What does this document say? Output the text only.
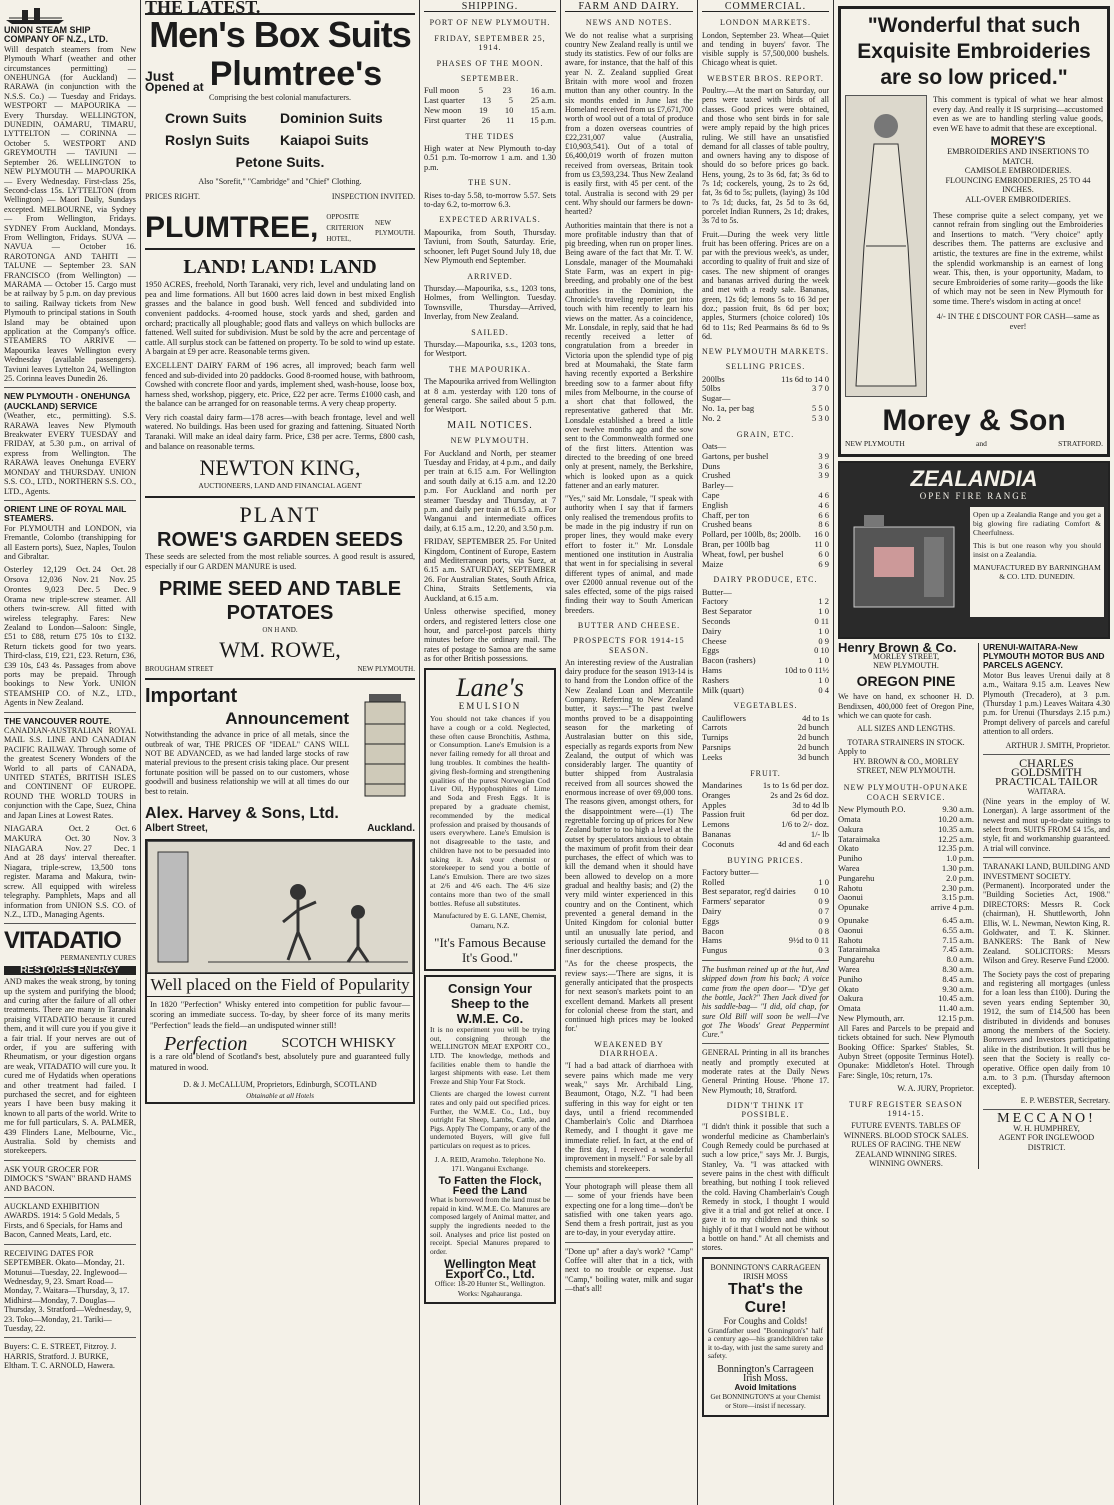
UNION STEAM SHIP COMPANY OF N.Z., LTD.

Will despatch steamers from New Plymouth Wharf (weather and other circumstances permitting) — ONEHUNGA (for Auckland) — RARAWA (in conjunction with the N.S.S. Co.) — Tuesday and Fridays. WESTPORT — MAPOURIKA — Every Thursday. WELLINGTON, DUNEDIN, OAMARU, TIMARU, LYTTELTON — CORINNA — October 5. WESTPORT AND GREYMOUTH — TAVIUNI — September 26. WELLINGTON to NEW PLYMOUTH — MAPOURIKA — Every Wednesday. First-class 25s, Second-class 15s. LYTTELTON (from Wellington) — Maori Daily, Sundays excepted. MELBOURNE, via Sydney — From Wellington, Fridays. SYDNEY From Auckland, Mondays. From Wellington, Fridays. SUVA — NAVUA — October 16. RAROTONGA AND TAHITI — TALUNE — September 23. SAN FRANCISCO (from Wellington) — MARAMA — October 15. Cargo must be at railway by 5 p.m. on day previous to sailing. Railway tickets from New Plymouth to principal stations in South Island may be obtained upon application at the Company's office. STEAMERS TO ARRIVE — Mapourika leaves Wellington every Wednesday (available passengers). Taviuni leaves Lyttelton 24, Wellington 25. Corinna leaves Dunedin 26.

NEW PLYMOUTH - ONEHUNGA (AUCKLAND) SERVICE

(Weather, etc., permitting). S.S. RARAWA leaves New Plymouth Breakwater EVERY TUESDAY and FRIDAY, at 5.30 p.m., on arrival of express from Wellington. The RARAWA leaves Onehunga EVERY MONDAY and THURSDAY. UNION S.S. CO., LTD., NORTHERN S.S. CO., LTD., Agents.

ORIENT LINE OF ROYAL MAIL STEAMERS.

For PLYMOUTH and LONDON, via Fremantle, Colombo (transhipping for all Eastern ports), Suez, Naples, Toulon and Gibraltar.

Osterley 12,129 Oct. 24 Oct. 28
Orsova 12,036 Nov. 21 Nov. 25
Orontes 9,023 Dec. 5 Dec. 9

Orama new triple-screw steamer. All others twin-screw. All fitted with wireless telegraphy. Fares: New Zealand to London—Saloon: Single, £51 to £88, return £75 10s to £132. Return tickets good for two years. Third-class, £19, £21, £23. Return, £36, £39 10s, £43 4s. Passages from above ports may be prepaid. Through bookings to New York. UNION STEAMSHIP CO. of N.Z., LTD., Agents in New Zealand.

THE VANCOUVER ROUTE.

CANADIAN-AUSTRALIAN ROYAL MAIL S.S. LINE AND CANADIAN PACIFIC RAILWAY. Through some of the greatest Scenery Wonders of the World to all parts of CANADA, UNITED STATES, BRITISH ISLES and CONTINENT OF EUROPE. ROUND THE WORLD TOURS in conjunction with the Cape, Suez, China and Japan Lines at Lowest Rates.

NIAGARA	Oct. 2	Oct. 6
MAKURA	Oct. 30	Nov. 3
NIAGARA	Nov. 27	Dec. 1

And at 28 days' interval thereafter. Niagara, triple-screw, 13,500 tons register. Marama and Makura, twin-screw. All equipped with wireless telegraphy. Pamphlets, Maps and all information from UNION S.S. CO. of N.Z., LTD., Managing Agents.

VITADATIO
PERMANENTLY CURES
RESTORES ENERGY

AND makes the weak strong, by toning up the system and purifying the blood; and curing after the failure of all other treatments. There are many in Taranaki praising VITADATIO because it cured them, and it will cure you if you give it a fair trial. If your nerves are out of order, if you are suffering with Rheumatism, or your digestion organs are weak, VITADATIO will cure you. It cured me of Hydatids when operations and other treatment had failed. I purchased the secret, and for eighteen years I have been busy making it known to all parts of the world. Write to me for full particulars, S. A. PALMER, 439 Flinders Lane, Melbourne, Vic., Australia. Sold by chemists and storekeepers.

ASK YOUR GROCER FOR DIMOCK'S "SWAN" BRAND HAMS AND BACON.
AUCKLAND EXHIBITION AWARDS. 1914: 5 Gold Medals, 5 Firsts, and 6 Specials, for Hams and Bacon, Canned Meats, Lard, etc.
RECEIVING DATES FOR SEPTEMBER. Okato—Monday, 21. Motunui—Tuesday, 22. Inglewood—Wednesday, 9, 23. Smart Road—Monday, 7. Waitara—Thursday, 3, 17. Midhirst—Monday, 7. Douglas—Thursday, 3. Stratford—Wednesday, 9, 23. Toko—Monday, 21. Tariki—Tuesday, 22.
Buyers: C. E. STREET, Fitzroy. J. HARRIS, Stratford. J. BURKE, Eltham. T. C. ARNOLD, Hawera.
THE LATEST.
Men's Box Suits
Just
Opened at Plumtree's
Comprising the best colonial manufacturers.
Crown Suits	Dominion Suits
Roslyn Suits	Kaiapoi Suits
Petone Suits.
Also "Sorefit," "Cambridge" and "Chief" Clothing.
PRICES RIGHT.	INSPECTION INVITED.
PLUMTREE, OPPOSITE CRITERION HOTEL,
NEW PLYMOUTH.
LAND! LAND! LAND

1950 ACRES, freehold, North Taranaki, very rich, level and undulating land on pea and lime formations. All but 1600 acres laid down in best mixed English grasses and the balance in good bush. Well fenced and subdivided into convenient paddocks. 4-roomed house, stock yards and shed, garden and orchard; practically all ploughable; good flats and valleys on which bullocks are fattened. Well suited for subdivision. Must be sold by the acre and percentage of cattle. All surplus stock can be fattened on property. To be sold to wind up estate. A bargain at £9 per acre. Reasonable terms given.

EXCELLENT DAIRY FARM of 196 acres, all improved; beach farm well fenced and sub-divided into 20 paddocks. Good 8-roomed house, with bathroom, Cowshed with concrete floor and yards, implement shed, wash-house, loose box, harness shed, workshop, piggery, etc. Price, £22 per acre. Terms £1000 cash, and the balance can be arranged for on reasonable terms. A very cheap property.

Very rich coastal dairy farm—178 acres—with beach frontage, level and well watered. No buildings. Has been used for grazing and fattening. Situated North Taranaki. Will make an ideal dairy farm. Price, £38 per acre. Terms, £800 cash, and balance on reasonable terms.

NEWTON KING,
AUCTIONEERS, LAND AND FINANCIAL AGENT
PLANT
ROWE'S GARDEN SEEDS

These seeds are selected from the most reliable sources. A good result is assured, especially if our G ARDEN MANURE is used.

PRIME SEED AND TABLE POTATOES
ON H AND.
WM. ROWE,
BROUGHAM STREET	NEW PLYMOUTH.
Important
Announcement

Notwithstanding the advance in price of all metals, since the outbreak of war, THE PRICES OF "IDEAL" CANS WILL NOT BE ADVANCED, as we had landed large stocks of raw material previous to the present crisis taking place. Our present fortunate position will be passed on to our customers, whose goodwill and business relationship we will at all times do our best to retain.

Alex. Harvey & Sons, Ltd.
Albert Street,	Auckland.
Well placed on the Field of Popularity

In 1820 "Perfection" Whisky entered into competition for public favour—scoring an immediate success. To-day, by sheer force of its many merits "Perfection" leads the field—an undisputed winner still!

Perfection SCOTCH WHISKY

is a rare old blend of Scotland's best, absolutely pure and guaranteed fully matured in wood.

D. & J. McCALLUM, Proprietors, Edinburgh, SCOTLAND
Obtainable at all Hotels
SHIPPING.
PORT OF NEW PLYMOUTH.
FRIDAY, SEPTEMBER 25, 1914.
PHASES OF THE MOON.
SEPTEMBER.
Full moon 5 23 16 a.m.
Last quarter 13 5 25 a.m.
New moon 19 10 15 a.m.
First quarter 26 11 15 p.m.
THE TIDES

High water at New Plymouth to-day 0.51 p.m. To-morrow 1 a.m. and 1.30 p.m.

THE SUN.

Rises to-day 5.58, to-morrow 5.57. Sets to-day 6.2, to-morrow 6.3.

EXPECTED ARRIVALS.

Mapourika, from South, Thursday. Taviuni, from South, Saturday. Erie, schooner, left Puget Sound July 18, due New Plymouth end September.

ARRIVED.

Thursday.—Mapourika, s.s., 1203 tons, Holmes, from Wellington. Tuesday. Townsville, Thursday—Arrived, Inverlay, from New Zealand.

SAILED.

Thursday.—Mapourika, s.s., 1203 tons, for Westport.

THE MAPOURIKA.

The Mapourika arrived from Wellington at 8 a.m. yesterday with 120 tons of general cargo. She sailed about 5 p.m. for Westport.

MAIL NOTICES.
NEW PLYMOUTH.

For Auckland and North, per steamer Tuesday and Friday, at 4 p.m., and daily per train at 6.15 a.m. For Wellington and south daily at 6.15 a.m. and 12.20 p.m. For Auckland and north per steamer Tuesday and Thursday, at 7 p.m. and daily per train at 6.15 a.m. For Wanganui and intermediate offices daily, at 6.15 a.m., 12.20, and 3.50 p.m.

FRIDAY, SEPTEMBER 25. For United Kingdom, Continent of Europe, Eastern and Mediterranean ports, via Suez, at 6.15 a.m. SATURDAY, SEPTEMBER 26. For Australian States, South Africa, China, Straits Settlements, via Auckland, at 6.15 a.m.

Unless otherwise specified, money orders, and registered letters close one hour, and parcel-post parcels thirty minutes before the ordinary mail. The rates of postage to Samoa are the same as for other British possessions.

Lane's
EMULSION

You should not take chances if you have a cough or a cold. Neglected, these often cause Bronchitis, Asthma, or Consumption. Lane's Emulsion is a never failing remedy for all throat and lung troubles. It combines the health-giving flesh-forming and strengthening qualities of the purest Norwegian Cod Liver Oil, Hypophosphites of Lime and Soda and Fresh Eggs. It is prepared by a graduate chemist, recommended by the medical profession and praised by thousands of users everywhere. Lane's Emulsion is not disagreeable to the taste, and children have not to be persuaded into taking it. Ask your chemist or storekeeper to send you a bottle of Lane's Emulsion. There are two sizes at 2/6 and 4/6 each. The 4/6 size contains more than two of the small bottles. Refuse all substitutes.

Manufactured by E. G. LANE, Chemist, Oamaru, N.Z.
"It's Famous Because It's Good."
Consign Your Sheep to the W.M.E. Co.

It is no experiment you will be trying out, consigning through the WELLINGTON MEAT EXPORT CO., LTD. The knowledge, methods and facilities enable them to handle the largest shipments with ease. Let them Freeze and Ship Your Fat Stock.

Clients are charged the lowest current rates and only paid out specified prices. Further, the W.M.E. Co., Ltd., buy outright Fat Sheep, Lambs, Cattle, and Pigs. Apply The Company, or any of the undernoted Buyers, will give full particulars on request as to prices.

J. A. REID, Aramoho. Telephone No. 171. Wanganui Exchange.
To Fatten the Flock, Feed the Land

What is borrowed from the land must be repaid in kind. W.M.E. Co. Manures are composed largely of Animal matter, and supply the ingredients needed to the soil. Analyses and price list posted on receipt. Special Manures prepared to order.

Wellington Meat Export Co., Ltd.
Office: 18-20 Hunter St., Wellington. Works: Ngahauranga.
FARM AND DAIRY.
NEWS AND NOTES.

We do not realise what a surprising country New Zealand really is until we study its statistics. Few of our folks are aware, for instance, that the half of this year N. Z. Zealand supplied Great Britain with more wool and frozen mutton than any other country. In the six months ended in June last the Homeland received from us £7,671,700 worth of wool out of a total of produce from a dozen overseas countries of £22,231,007 value (Australia, £10,903,541). Out of a total of £6,400,019 worth of frozen mutton received from overseas, Britain took from us £3,593,234. Thus New Zealand is easily first, with 45 per cent. of the total. Australia is second with 29 per cent. Why should our farmers be down-hearted?

Authorities maintain that there is not a more profitable industry than that of pig breeding, when run on proper lines. Being aware of the fact that Mr. T. W. Lonsdale, manager of the Moumahaki State Farm, was an expert in pig-breeding, and probably one of the best authorities in the Dominion, the Chronicle's traveling reporter got into touch with him recently to learn his views on the matter. As a coincidence, Mr. Lonsdale, in reply, said that he had recently received a letter of congratulation from a breeder in Victoria upon the splendid type of pig bred at Moumahaki, the State farm having recently exported a Berkshire breeding sow to a farmer about fifty miles from Melbourne, in the course of a short chat that followed, the representative gathered that Mr. Lonsdale established a breed a little over twelve months ago and the sow sent to the Commonwealth formed one of the first litters. Attention was directed to the breeding of one breed only at present, namely, the Berkshire, which is looked upon as a quick fattener and an early maturer.

"Yes," said Mr. Lonsdale, "I speak with authority when I say that if farmers only realised the tremendous profits to be made in the pig industry if run on proper lines, they would make every effort to foster it." Mr. Lonsdale mentioned one institution in Australia that went in for specialising in several different types of animal, and made over £2000 annual revenue out of the sales effected, some of the pigs raised finding their way to South American breeders.

BUTTER AND CHEESE.
PROSPECTS FOR 1914-15 SEASON.

An interesting review of the Australian dairy produce for the season 1913-14 is to hand from the London office of the New Zealand Loan and Mercantile Company. Referring to New Zealand butter, it says:—"The past twelve months proved to be a disappointing season for the marketing of Australasian butter on this side, especially as regards exports from New Zealand, the output of which was considerably larger. The quantity of butter shipped from Australasia received from all sources showed the enormous increase of over 69,000 tons. The reasons given, amongst others, for the disappointment were—(1) The regrettable forcing up of prices for New Zealand butter to too high a level at the outset by speculators anxious to obtain the maximum of profit from their dear purchases, the effect of which was to kill the demand when it should have been allowed to develop on a more gradual and healthy basis; and (2) the very mild winter experienced in this country and on the Continent, which prevented a general demand in the United Kingdom for colonial butter until an unusually late period, and seriously curtailed the demand for the finer descriptions.

"As for the cheese prospects, the review says:—'There are signs, it is generally anticipated that the prospects for next season's markets point to an excellent demand. Markets all present for colonial cheese from the start, and continued high prices may be looked for.'

WEAKENED BY DIARRHOEA.

"I had a bad attack of diarrhoea with severe pains which made me very weak," says Mr. Archibald Ling, Beaumont, Otago, N.Z. "I had been suffering in this way for eight or ten days, until a friend recommended Chamberlain's Colic and Diarrhoea Remedy, and I thought it gave me immediate relief. In fact, at the end of the first day, I received a wonderful improvement in myself." For sale by all chemists and storekeepers.

Your photograph will please them all — some of your friends have been expecting one for a long time—don't be satisfied with one taken years ago. Send them a fresh portrait, just as you are to-day, in your everyday attire.

"Done up" after a day's work? "Camp" Coffee will alter that in a tick, with next to no trouble or expense. Just "Camp," boiling water, milk and sugar—that's all!

COMMERCIAL.
LONDON MARKETS.

London, September 23. Wheat—Quiet and tending in buyers' favor. The visible supply is 57,500,000 bushels. Chicago wheat is quiet.

WEBSTER BROS. REPORT.

Poultry.—At the mart on Saturday, our pens were taxed with birds of all classes. Good prices were obtained, and those who sent birds in for sale were amply repaid by the high prices ruling. We still have an unsatisfied demand for all classes of table poultry, and owners having any to dispose of should do so before prices go back. Hens, young, 2s to 3s 6d, fat; 3s 6d to 7s 1d; cockerels, young, 2s to 2s 6d, fat, 3s 6d to 5s; pullets, (laying) 3s 10d to 7s 1d; ducks, fat, 2s 5d to 3s 6d, porcelet Indian Runners, 2s 1d; drakes, 3s 7d to 5s.

Fruit.—During the week very little fruit has been offering. Prices are on a par with the previous week's, as under, according to quality of fruit and size of cases. The new shipment of oranges and bananas arrived during the week and met with a ready sale. Bananas, green, 12s 6d; lemons 5s to 16 3d per doz.; passion fruit, 8s 6d per box; apples, Sturmers (choice colored) 10s 6d to 11s; Red Pearmains 8s 6d to 9s 6d.

NEW PLYMOUTH MARKETS.
SELLING PRICES.
200lbs	11s 6d to 14 0
50lbs	3 7 0
Sugar—
No. 1a, per bag	5 5 0
No. 2	5 3 0
GRAIN, ETC.
Oats—
Gartons, per bushel	3 9
Duns	3 6
Crushed	3 9
Barley—
Cape	4 6
English	4 6
Chaff, per ton	6 6
Crushed beans	8 6
Pollard, per 100lb, 8s; 200lb. 16 0
Bran, per 100lb bag	11 0
Wheat, fowl, per bushel	6 0
Maize	6 9
DAIRY PRODUCE, ETC.
Butter—
Factory	1 2
Best Separator	1 0
Seconds	0 11
Dairy	1 0
Cheese	0 9
Eggs	0 10
Bacon (rashers)	1 0
Hams	10d to 0 11½
Rashers	1 0
Milk (quart)	0 4
VEGETABLES.
Cauliflowers	4d to 1s
Carrots	2d bunch
Turnips	2d bunch
Parsnips	2d bunch
Leeks	3d bunch
FRUIT.
Mandarines 1s to 1s 6d per doz.
Oranges	2s and 2s 6d doz.
Apples	3d to 4d lb
Passion fruit	6d per doz.
Lemons	1/6 to 2/- doz.
Bananas	1/- lb
Coconuts	4d and 6d each
BUYING PRICES.
Factory butter—
Rolled	1 0
Best separator, reg'd dairies 0 10
Farmers' separator	0 9
Dairy	0 7
Eggs	0 9
Bacon	0 8
Hams	9½d to 0 11
Fungus	0 3

The bushman reined up at the hut, And skipped down from his back; A voice came from the open door— "D'ye get the bottle, Jack?" Then Jack dived for his saddle-bag— "I did, old chap, for sure Old Bill will soon be well—I've got The Woods' Great Peppermint Cure."

GENERAL Printing in all its branches neatly and promptly executed at moderate rates at the Daily News General Printing House. 'Phone 17. New Plymouth; 18, Stratford.

DIDN'T THINK IT POSSIBLE.

"I didn't think it possible that such a wonderful medicine as Chamberlain's Cough Remedy could be purchased at such a low price," says Mr. J. Burgis, Stanley, Va. "I was attacked with severe pains in the chest with difficult breathing, but nothing I took relieved the cold. Having Chamberlain's Cough Remedy in stock, I thought I would give it a trial and got relief at once. I gave it to my children and think so highly of it that I would not be without a bottle on hand." At all chemists and stores.

BONNINGTON'S CARRAGEEN IRISH MOSS
That's the Cure!
For Coughs and Colds!

Grandfather used "Bonnington's" half a century ago—his grandchildren take it to-day, with just the same surety and safety.

Bonnington's Carrageen Irish Moss.
Avoid Imitations
Get BONNINGTON'S at your Chemist or Store—insist if necessary.
"Wonderful that such Exquisite Embroideries are so low priced."

This comment is typical of what we hear almost every day. And really it IS surprising—accustomed even as we are to handling sterling value goods, even WE have to admit that these are exceptional.

MOREY'S
EMBROIDERIES AND INSERTIONS TO MATCH.
CAMISOLE EMBROIDERIES.
FLOUNCING EMBROIDERIES, 25 TO 44 INCHES.
ALL-OVER EMBROIDERIES.

These comprise quite a select company, yet we cannot refrain from singling out the Embroideries and Insertions to match. "Very choice" aptly describes them. The patterns are exclusive and artistic, the textures are fine in the extreme, whilst the splendid workmanship is an earnest of long wear. This, then, is your opportunity, Madam, to secure Embroideries of some rarity—goods the like of which may not be seen in New Plymouth for some time. There's wisdom in acting at once!

4/- IN THE £ DISCOUNT FOR CASH—same as ever!
Morey & Son
NEW PLYMOUTH	and	STRATFORD.
ZEALANDIA
OPEN FIRE RANGE

Open up a Zealandia Range and you get a big glowing fire radiating Comfort & Cheerfulness.

This is but one reason why you should insist on a Zealandia.

MANUFACTURED BY BARNINGHAM & CO. LTD. DUNEDIN.
Henry Brown & Co.
MORLEY STREET,
NEW PLYMOUTH.
OREGON PINE

We have on hand, ex schooner H. D. Bendixsen, 400,000 feet of Oregon Pine, which we can quote for cash.

ALL SIZES AND LENGTHS.
TOTARA STRAINERS IN STOCK.
Apply to
HY. BROWN & CO., MORLEY STREET, NEW PLYMOUTH.
NEW PLYMOUTH-OPUNAKE COACH SERVICE.
New Plymouth P.O.	9.30 a.m.
Omata	10.20 a.m.
Oakura	10.35 a.m.
Tataraimaka	12.25 a.m.
Okato	12.35 p.m.
Puniho	1.0 p.m.
Warea	1.30 p.m.
Pungarehu	2.0 p.m.
Rahotu	2.30 p.m.
Oaonui	3.15 p.m.
Opunake	arrive 4 p.m.
Opunake	6.45 a.m.
Oaonui	6.55 a.m.
Rahotu	7.15 a.m.
Tataraimaka	7.45 a.m.
Pungarehu	8.0 a.m.
Warea	8.30 a.m.
Puniho	8.45 a.m.
Okato	9.30 a.m.
Oakura	10.45 a.m.
Omata	11.40 a.m.
New Plymouth, arr.	12.15 p.m.

All Fares and Parcels to be prepaid and tickets obtained for such. New Plymouth Booking Office: Sparkes' Stables, St. Aubyn Street (opposite Terminus Hotel). Opunake: Middleton's Hotel. Through Fare: Single, 10s; return, 17s.

W. A. JURY, Proprietor.
TURF REGISTER SEASON 1914-15.
FUTURE EVENTS. TABLES OF WINNERS. BLOOD STOCK SALES. RULES OF RACING. THE NEW ZEALAND WINNING SIRES. WINNING OWNERS.
URENUI-WAITARA-New PLYMOUTH MOTOR BUS AND PARCELS AGENCY.

Motor Bus leaves Urenui daily at 8 a.m., Waitara 9.15 a.m. Leaves New Plymouth (Trecadero), at 3 p.m. (Thursday 1 p.m.) Leaves Waitara 4.30 p.m. for Urenui (Thursdays 2.15 p.m.) Prompt delivery of parcels and careful attention to all orders.

ARTHUR J. SMITH, Proprietor.
CHARLES GOLDSMITH
PRACTICAL TAILOR
WAITARA.

(Nine years in the employ of W. Lonergan). A large assortment of the newest and most up-to-date suitings to select from. SUITS FROM £4 15s, and style, fit and workmanship guaranteed. A trial will convince.

TARANAKI LAND, BUILDING AND INVESTMENT SOCIETY.

(Permanent). Incorporated under the "Building Societies Act, 1908." DIRECTORS: Messrs R. Cock (chairman), H. Shuttleworth, John Ellis, W. L. Newman, Newton King, R. Goldwater, and T. K. Skinner. BANKERS: The Bank of New Zealand. SOLICITORS: Messrs Wilson and Grey. Reserve Fund £2000.

The Society pays the cost of preparing and registering all mortgages (unless for a loan less than £100). During the seven years ending September 30, 1912, the sum of £14,500 has been distributed in dividends and bonuses among the members of the Society. Borrowers and Investors participating alike in the distribution. It will thus be seen that the Society is really co-operative. Office open daily from 10 a.m. to 3 p.m. (Thursday afternoon excepted).

E. P. WEBSTER, Secretary.
MECCANO!
W. H. HUMPHREY,
AGENT FOR INGLEWOOD DISTRICT.
